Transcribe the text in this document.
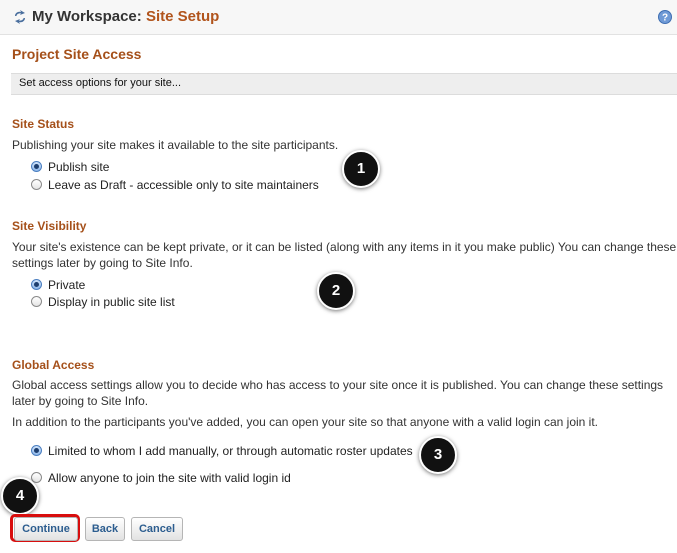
My Workspace: Site Setup	?
Project Site Access
Set access options for your site...
Site Status
Publishing your site makes it available to the site participants.
Publish site
Leave as Draft - accessible only to site maintainers
Site Visibility
Your site's existence can be kept private, or it can be listed (along with any items in it you make public) You can change these settings later by going to Site Info.
Private
Display in public site list
Global Access
Global access settings allow you to decide who has access to your site once it is published. You can change these settings later by going to Site Info.
In addition to the participants you've added, you can open your site so that anyone with a valid login can join it.
Limited to whom I add manually, or through automatic roster updates
Allow anyone to join the site with valid login id
1
2
3
4
Continue	Back	Cancel
